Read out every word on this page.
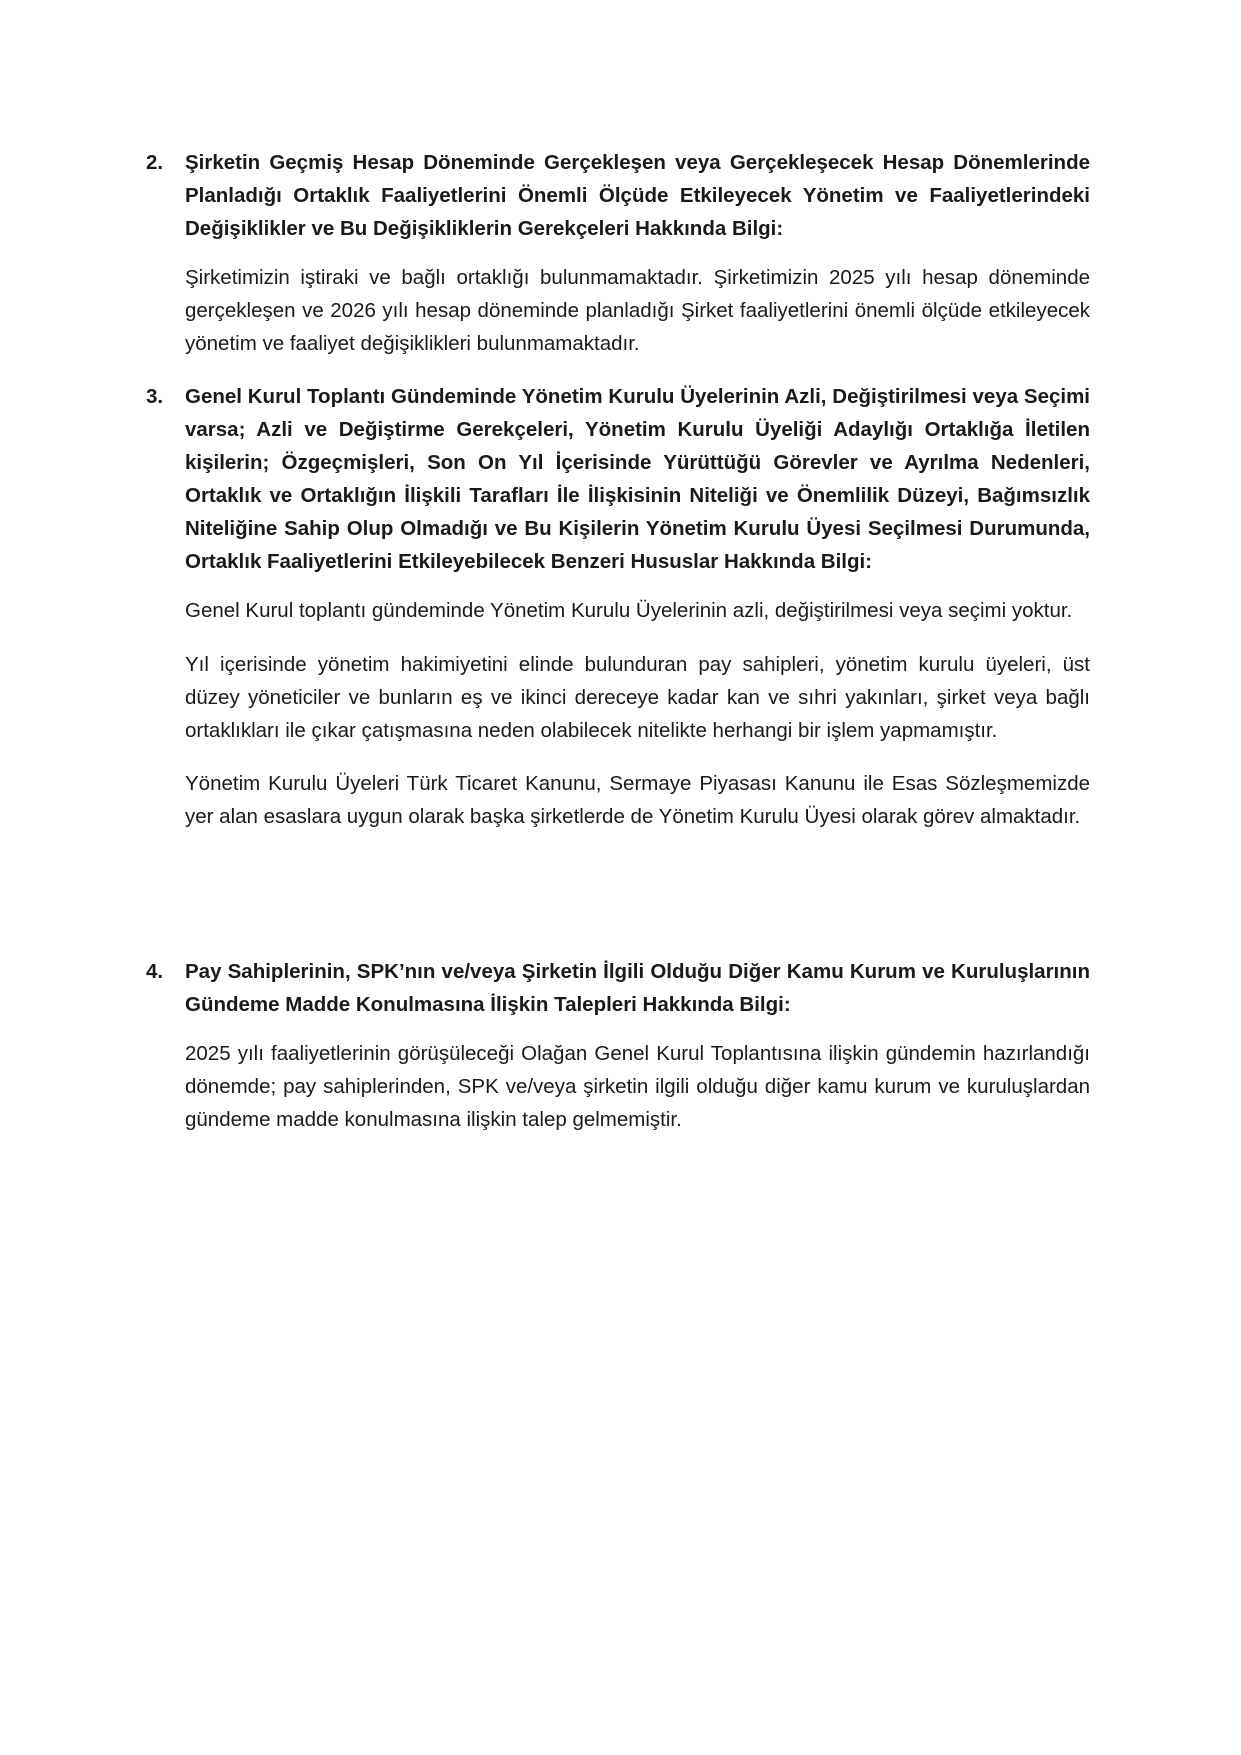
2.	Şirketin Geçmiş Hesap Döneminde Gerçekleşen veya Gerçekleşecek Hesap Dönemlerinde Planladığı Ortaklık Faaliyetlerini Önemli Ölçüde Etkileyecek Yönetim ve Faaliyetlerindeki Değişiklikler ve Bu Değişikliklerin Gerekçeleri Hakkında Bilgi:

Şirketimizin iştiraki ve bağlı ortaklığı bulunmamaktadır. Şirketimizin 2025 yılı hesap döneminde gerçekleşen ve 2026 yılı hesap döneminde planladığı Şirket faaliyetlerini önemli ölçüde etkileyecek yönetim ve faaliyet değişiklikleri bulunmamaktadır.

3.	Genel Kurul Toplantı Gündeminde Yönetim Kurulu Üyelerinin Azli, Değiştirilmesi veya Seçimi varsa; Azli ve Değiştirme Gerekçeleri, Yönetim Kurulu Üyeliği Adaylığı Ortaklığa İletilen kişilerin; Özgeçmişleri, Son On Yıl İçerisinde Yürüttüğü Görevler ve Ayrılma Nedenleri, Ortaklık ve Ortaklığın İlişkili Tarafları İle İlişkisinin Niteliği ve Önemlilik Düzeyi, Bağımsızlık Niteliğine Sahip Olup Olmadığı ve Bu Kişilerin Yönetim Kurulu Üyesi Seçilmesi Durumunda, Ortaklık Faaliyetlerini Etkileyebilecek Benzeri Hususlar Hakkında Bilgi:

Genel Kurul toplantı gündeminde Yönetim Kurulu Üyelerinin azli, değiştirilmesi veya seçimi yoktur.

Yıl içerisinde yönetim hakimiyetini elinde bulunduran pay sahipleri, yönetim kurulu üyeleri, üst düzey yöneticiler ve bunların eş ve ikinci dereceye kadar kan ve sıhri yakınları, şirket veya bağlı ortaklıkları ile çıkar çatışmasına neden olabilecek nitelikte herhangi bir işlem yapmamıştır.

Yönetim Kurulu Üyeleri Türk Ticaret Kanunu, Sermaye Piyasası Kanunu ile Esas Sözleşmemizde yer alan esaslara uygun olarak başka şirketlerde de Yönetim Kurulu Üyesi olarak görev almaktadır.

4.	Pay Sahiplerinin, SPK’nın ve/veya Şirketin İlgili Olduğu Diğer Kamu Kurum ve Kuruluşlarının Gündeme Madde Konulmasına İlişkin Talepleri Hakkında Bilgi:

2025 yılı faaliyetlerinin görüşüleceği Olağan Genel Kurul Toplantısına ilişkin gündemin hazırlandığı dönemde; pay sahiplerinden, SPK ve/veya şirketin ilgili olduğu diğer kamu kurum ve kuruluşlardan gündeme madde konulmasına ilişkin talep gelmemiştir.
